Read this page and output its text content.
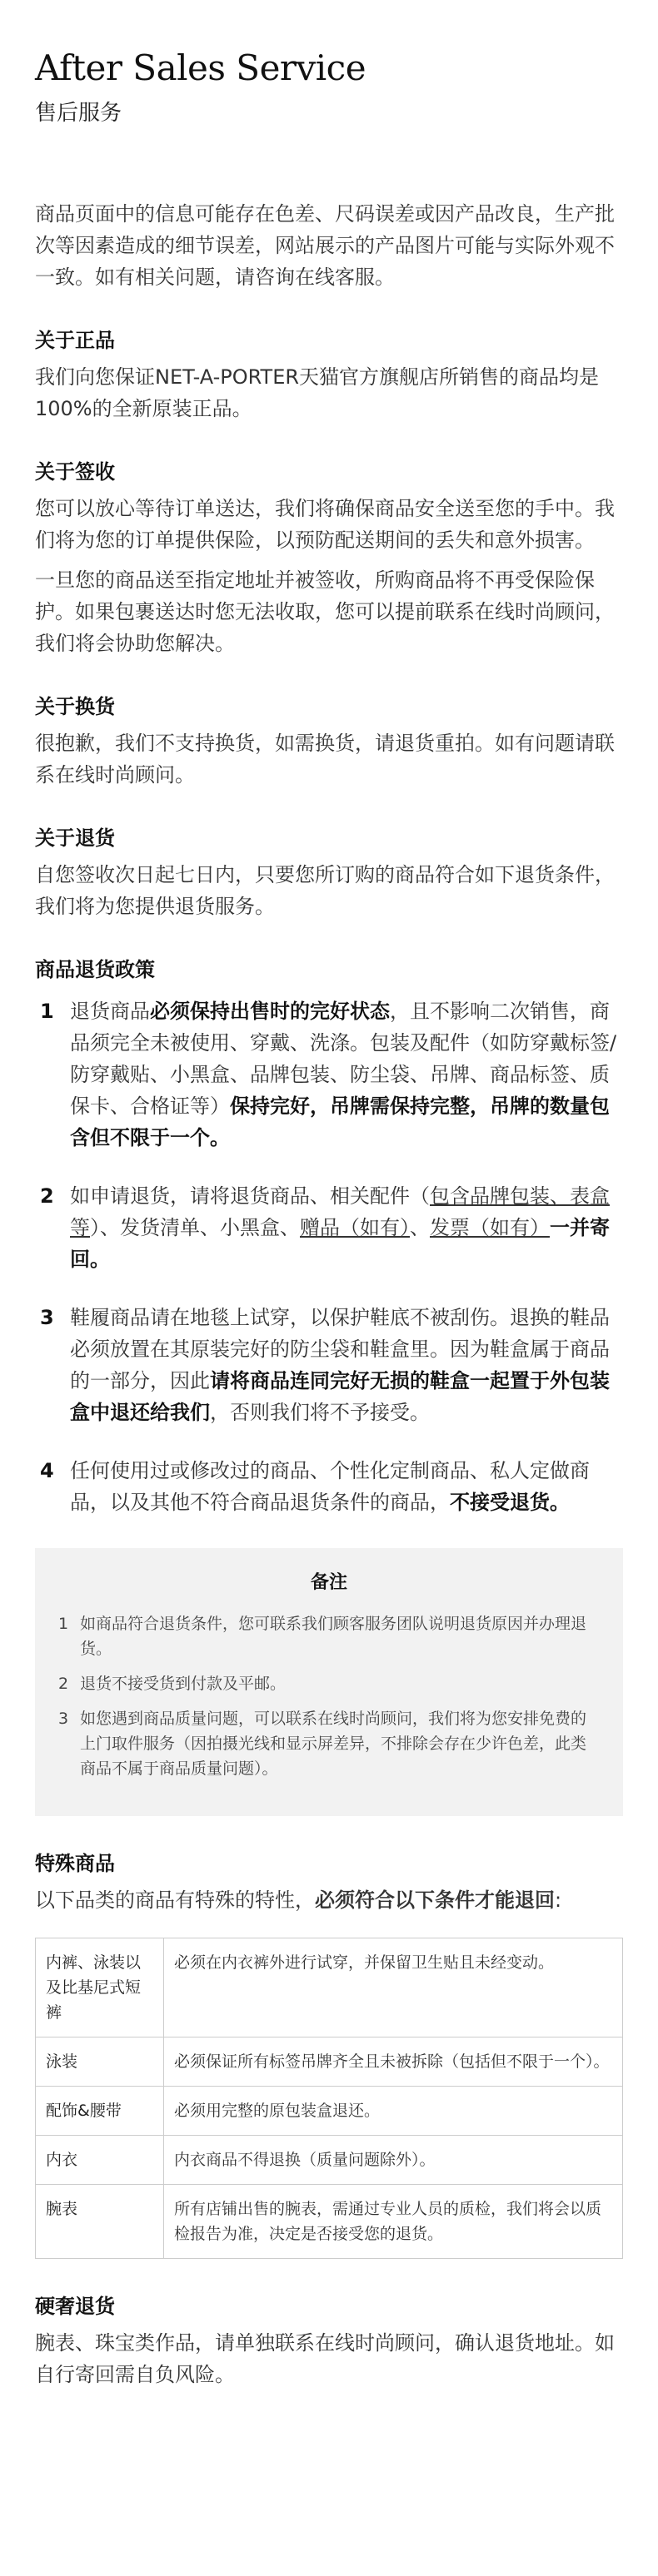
After Sales Service
售后服务

商品页面中的信息可能存在色差、尺码误差或因产品改良，生产批次等因素造成的细节误差，网站展示的产品图片可能与实际外观不一致。如有相关问题，请咨询在线客服。

关于正品

我们向您保证NET-A-PORTER天猫官方旗舰店所销售的商品均是100%的全新原装正品。

关于签收

您可以放心等待订单送达，我们将确保商品安全送至您的手中。我们将为您的订单提供保险，以预防配送期间的丢失和意外损害。

一旦您的商品送至指定地址并被签收，所购商品将不再受保险保护。如果包裹送达时您无法收取，您可以提前联系在线时尚顾问，我们将会协助您解决。

关于换货

很抱歉，我们不支持换货，如需换货，请退货重拍。如有问题请联系在线时尚顾问。

关于退货

自您签收次日起七日内，只要您所订购的商品符合如下退货条件，我们将为您提供退货服务。

商品退货政策
1 退货商品必须保持出售时的完好状态，且不影响二次销售，商品须完全未被使用、穿戴、洗涤。包装及配件（如防穿戴标签/防穿戴贴、小黑盒、品牌包装、防尘袋、吊牌、商品标签、质保卡、合格证等）保持完好，吊牌需保持完整，吊牌的数量包含但不限于一个。
2 如申请退货，请将退货商品、相关配件（包含品牌包装、表盒等）、发货清单、小黑盒、赠品（如有）、发票（如有）一并寄回。
3 鞋履商品请在地毯上试穿，以保护鞋底不被刮伤。退换的鞋品必须放置在其原装完好的防尘袋和鞋盒里。因为鞋盒属于商品的一部分，因此请将商品连同完好无损的鞋盒一起置于外包装盒中退还给我们，否则我们将不予接受。
4 任何使用过或修改过的商品、个性化定制商品、私人定做商品，以及其他不符合商品退货条件的商品，不接受退货。
备注
1 如商品符合退货条件，您可联系我们顾客服务团队说明退货原因并办理退货。
2 退货不接受货到付款及平邮。
3 如您遇到商品质量问题，可以联系在线时尚顾问，我们将为您安排免费的上门取件服务（因拍摄光线和显示屏差异，不排除会存在少许色差，此类商品不属于商品质量问题）。
特殊商品

以下品类的商品有特殊的特性，必须符合以下条件才能退回:

内裤、泳装以及比基尼式短裤	必须在内衣裤外进行试穿，并保留卫生贴且未经变动。
泳装	必须保证所有标签吊牌齐全且未被拆除（包括但不限于一个）。
配饰&腰带	必须用完整的原包装盒退还。
内衣	内衣商品不得退换（质量问题除外）。
腕表	所有店铺出售的腕表，需通过专业人员的质检，我们将会以质检报告为准，决定是否接受您的退货。
硬奢退货

腕表、珠宝类作品，请单独联系在线时尚顾问，确认退货地址。如自行寄回需自负风险。
